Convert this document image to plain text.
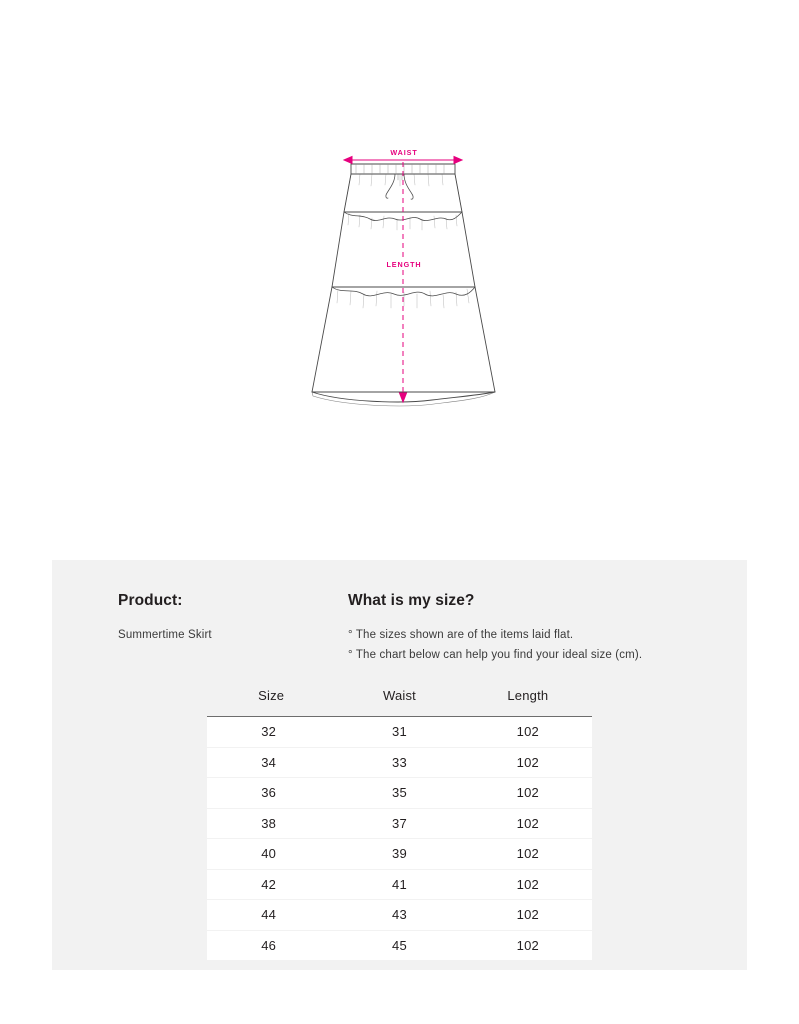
WAIST
LENGTH
Product:
Summertime Skirt
What is my size?
° The sizes shown are of the items laid flat.
° The chart below can help you find your ideal size (cm).
Size	Waist	Length
32	31	102
34	33	102
36	35	102
38	37	102
40	39	102
42	41	102
44	43	102
46	45	102
